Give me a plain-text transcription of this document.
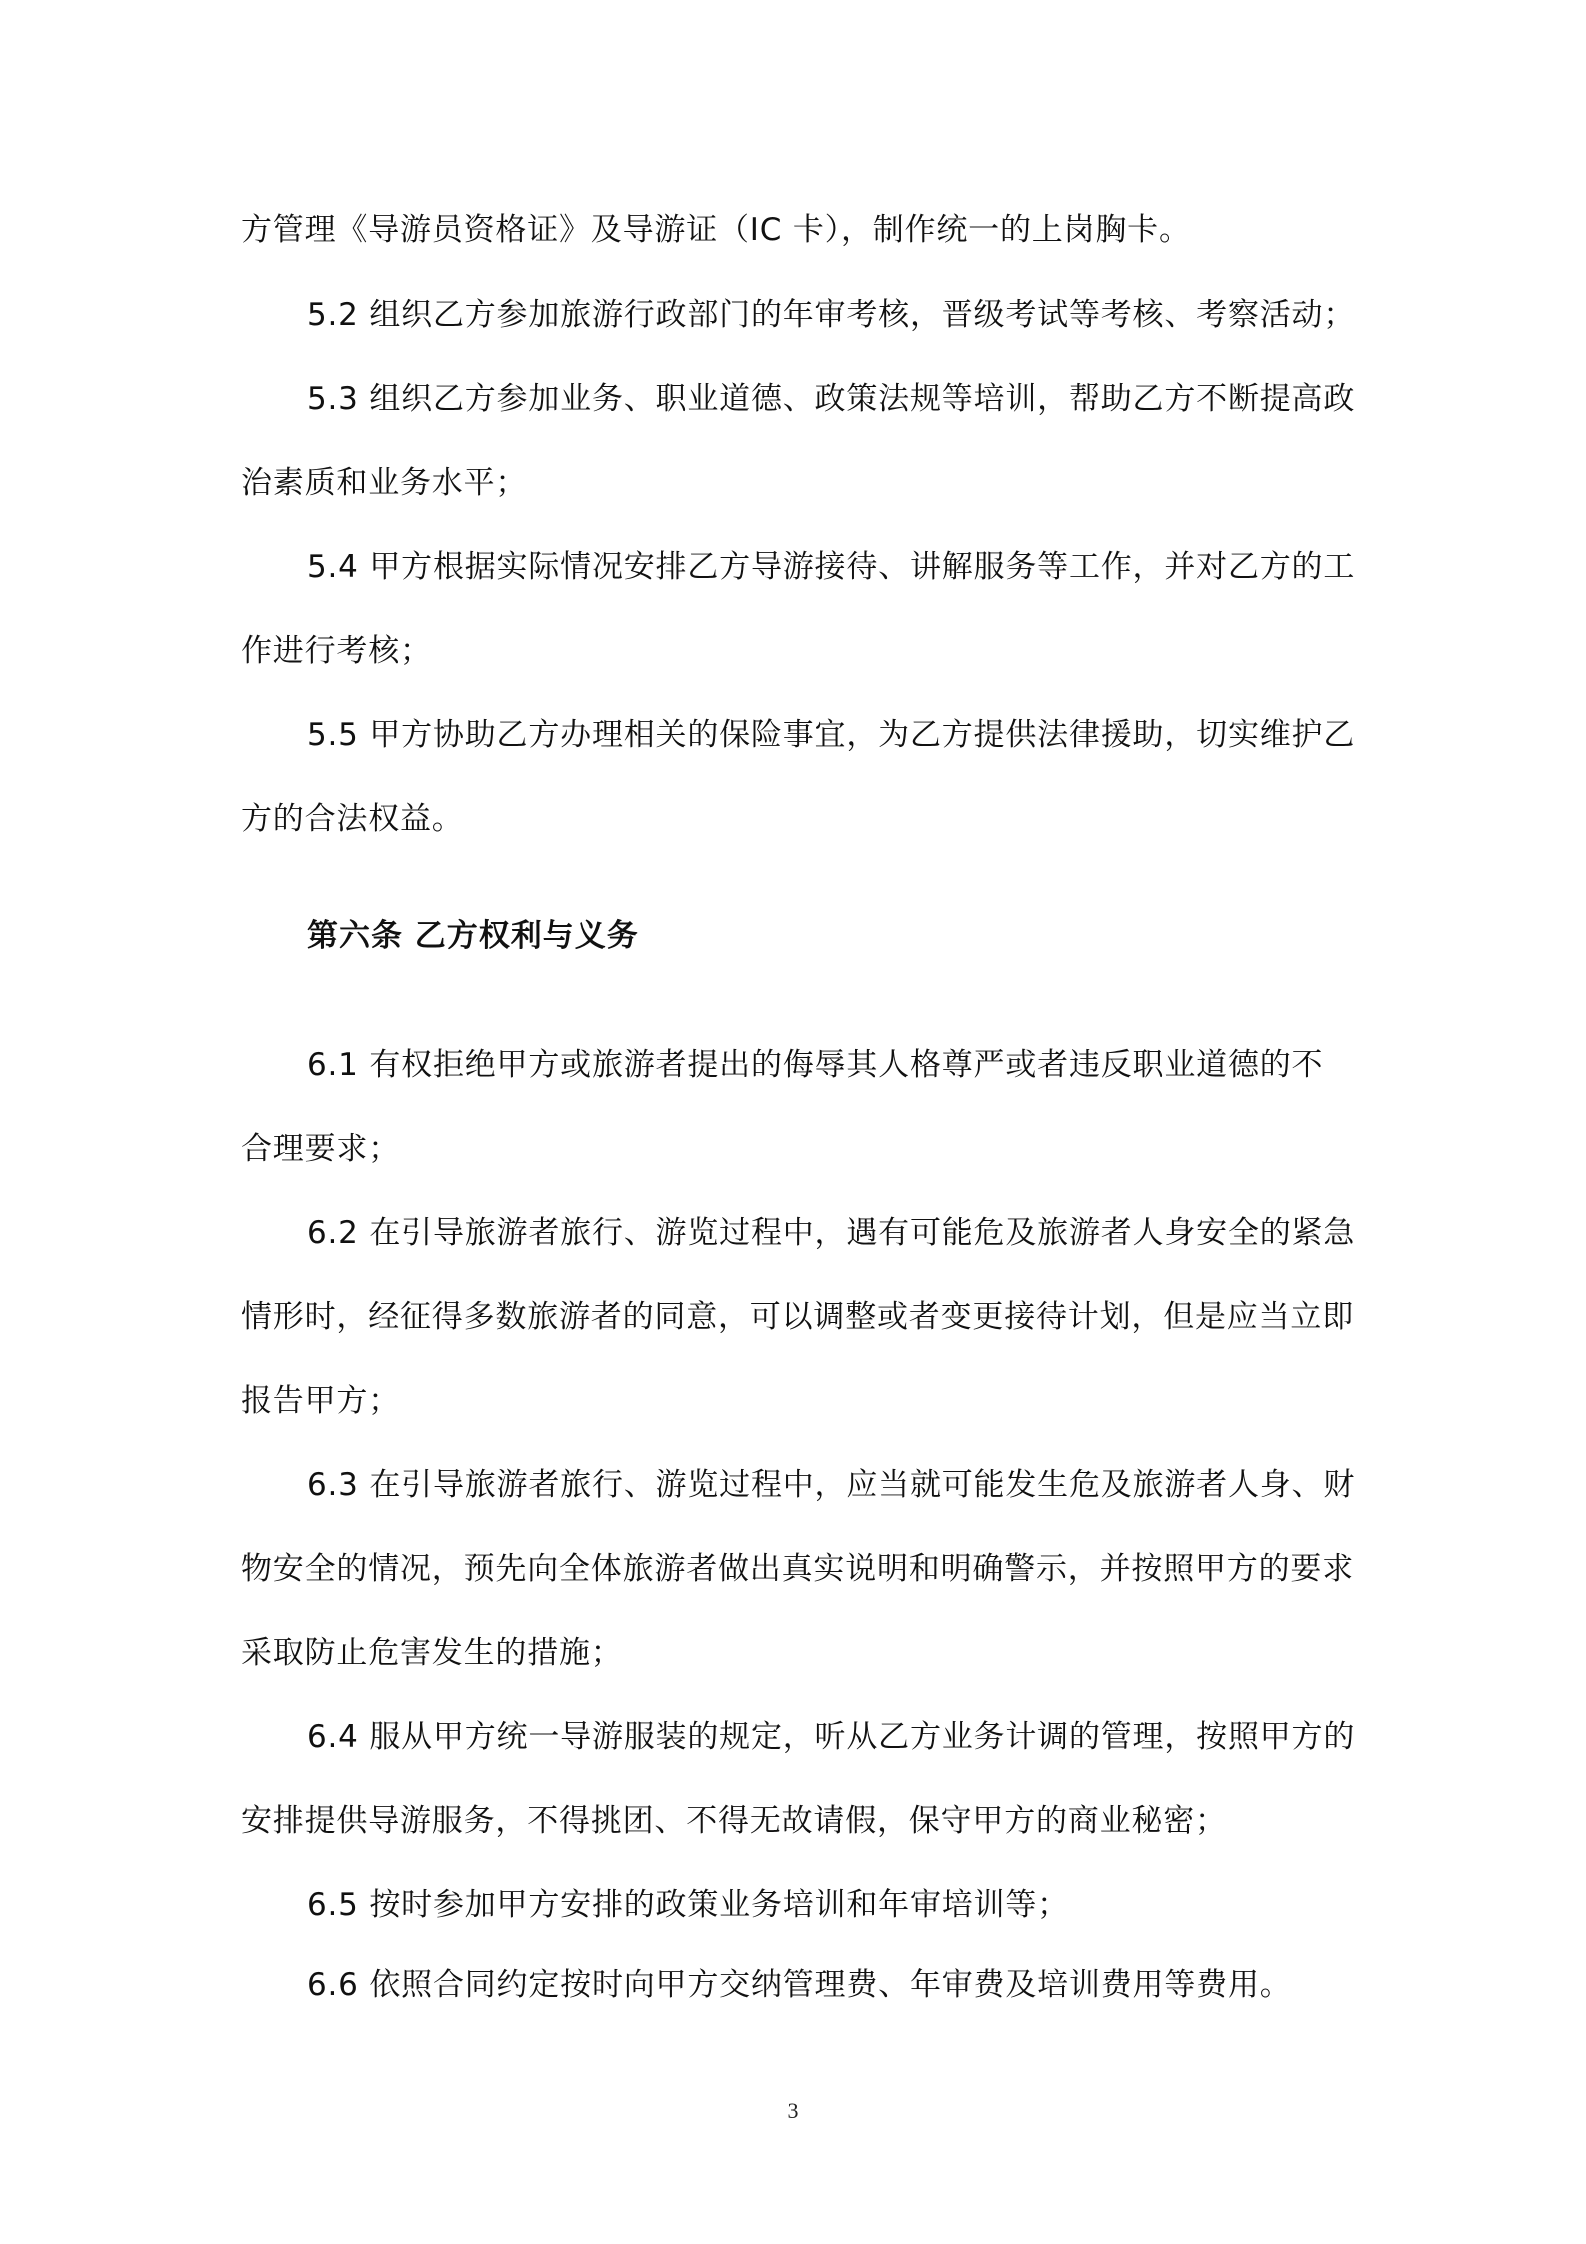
方管理《导游员资格证》及导游证（IC 卡），制作统一的上岗胸卡。
5.2 组织乙方参加旅游行政部门的年审考核，晋级考试等考核、考察活动；
5.3 组织乙方参加业务、职业道德、政策法规等培训，帮助乙方不断提高政
治素质和业务水平；
5.4 甲方根据实际情况安排乙方导游接待、讲解服务等工作，并对乙方的工
作进行考核；
5.5 甲方协助乙方办理相关的保险事宜，为乙方提供法律援助，切实维护乙
方的合法权益。
第六条 乙方权利与义务
6.1 有权拒绝甲方或旅游者提出的侮辱其人格尊严或者违反职业道德的不
合理要求；
6.2 在引导旅游者旅行、游览过程中，遇有可能危及旅游者人身安全的紧急
情形时，经征得多数旅游者的同意，可以调整或者变更接待计划，但是应当立即
报告甲方；
6.3 在引导旅游者旅行、游览过程中，应当就可能发生危及旅游者人身、财
物安全的情况，预先向全体旅游者做出真实说明和明确警示，并按照甲方的要求
采取防止危害发生的措施；
6.4 服从甲方统一导游服装的规定，听从乙方业务计调的管理，按照甲方的
安排提供导游服务，不得挑团、不得无故请假，保守甲方的商业秘密；
6.5 按时参加甲方安排的政策业务培训和年审培训等；
6.6 依照合同约定按时向甲方交纳管理费、年审费及培训费用等费用。
3
